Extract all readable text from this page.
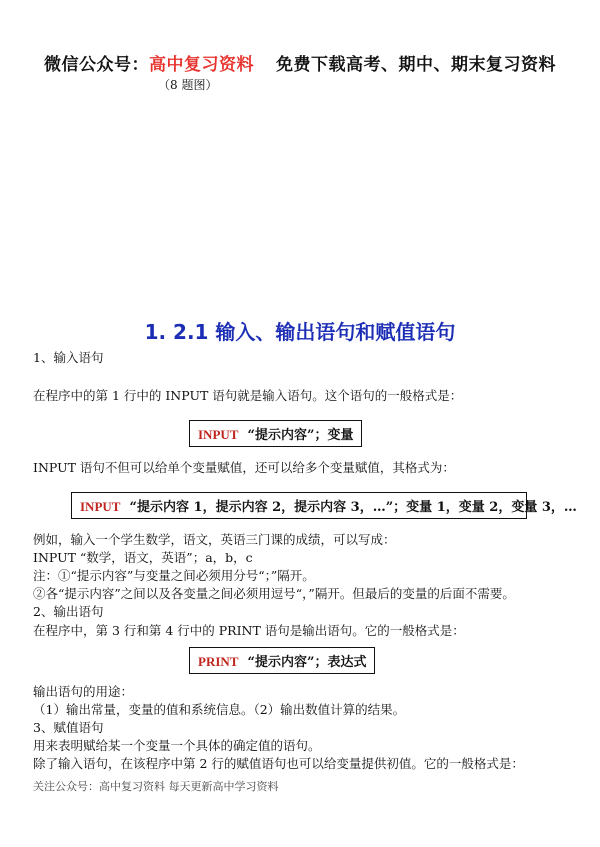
微信公众号：高中复习资料 免费下载高考、期中、期末复习资料
（8 题图）
1. 2.1 输入、输出语句和赋值语句
1、输入语句
在程序中的第 1 行中的 INPUT 语句就是输入语句。这个语句的一般格式是：
INPUT “提示内容”；变量
INPUT 语句不但可以给单个变量赋值，还可以给多个变量赋值，其格式为：
INPUT “提示内容 1，提示内容 2，提示内容 3，…”；变量 1，变量 2，变量 3，…
例如，输入一个学生数学，语文，英语三门课的成绩，可以写成：
INPUT “数学，语文，英语”；a，b，c
注：①“提示内容”与变量之间必须用分号“；”隔开。
②各“提示内容”之间以及各变量之间必须用逗号“，”隔开。但最后的变量的后面不需要。
2、输出语句
在程序中，第 3 行和第 4 行中的 PRINT 语句是输出语句。它的一般格式是：
PRINT “提示内容”；表达式
输出语句的用途：
（1）输出常量，变量的值和系统信息。（2）输出数值计算的结果。
3、赋值语句
用来表明赋给某一个变量一个具体的确定值的语句。
除了输入语句，在该程序中第 2 行的赋值语句也可以给变量提供初值。它的一般格式是：
关注公众号：高中复习资料 每天更新高中学习资料
